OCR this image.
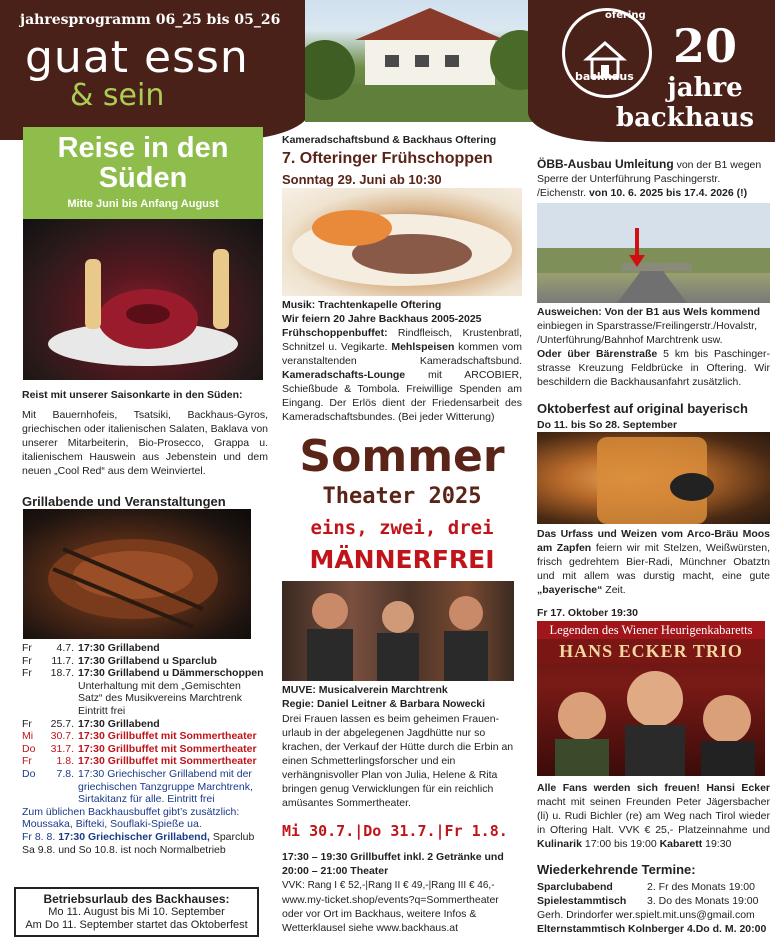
jahresprogramm 06_25 bis 05_26
guat essn
& sein
ofering
backhaus
20
jahre
backhaus
Reise in den Süden
Mitte Juni bis Anfang August
Reist mit unserer Saisonkarte in den Süden:
Mit Bauernhofeis, Tsatsiki, Backhaus-Gyros, griechischen oder italienischen Salaten, Baklava von unserer Mitarbeiterin, Bio-Prosecco, Grappa u. italienischem Hauswein aus Jebenstein und dem neuen „Cool Red“ aus dem Weinviertel.
Grillabende und Veranstaltungen
Fr	4.7. 17:30 Grillabend
Fr	11.7. 17:30 Grillabend u Sparclub
Fr	18.7. 17:30 Grillabend u Dämmerschoppen
Unterhaltung mit dem „Gemischten Satz“ des Musikvereins Marchtrenk
Eintritt frei
Fr	25.7. 17:30 Grillabend
Mi	30.7. 17:30 Grillbuffet mit Sommertheater
Do	31.7. 17:30 Grillbuffet mit Sommertheater
Fr	1.8. 17:30 Grillbuffet mit Sommertheater
Do	7.8. 17:30 Griechischer Grillabend mit der griechischen Tanzgruppe Marchtrenk, Sirtakitanz für alle. Eintritt frei
Zum üblichen Backhausbuffet gibt’s zusätzlich:
Moussaka, Bifteki, Souflaki-Spieße ua.
Fr 8. 8. 17:30 Griechischer Grillabend, Sparclub
Sa 9.8. und So 10.8. ist noch Normalbetrieb
Betriebsurlaub des Backhauses:
Mo 11. August bis Mi 10. September
Am Do 11. September startet das Oktoberfest
Kameradschaftsbund & Backhaus Oftering
7. Ofteringer Frühschoppen
Sonntag 29. Juni ab 10:30
Musik: Trachtenkapelle Oftering
Wir feiern 20 Jahre Backhaus 2005-2025
Frühschoppenbuffet: Rindfleisch, Krustenbratl, Schnitzel u. Vegikarte. Mehlspeisen kommen vom veranstaltenden Kameradschaftsbund. Kameradschafts-Lounge mit ARCOBIER, Schießbude & Tombola. Freiwillige Spenden am Eingang. Der Erlös dient der Friedensarbeit des Kameradschaftsbundes. (Bei jeder Witterung)
Sommer
Theater 2025
eins, zwei, drei
MÄNNERFREI
MUVE: Musicalverein Marchtrenk
Regie: Daniel Leitner & Barbara Nowecki
Drei Frauen lassen es beim geheimen Frauen-urlaub in der abgelegenen Jagdhütte nur so krachen, der Verkauf der Hütte durch die Erbin an einen Schmetterlingsforscher und ein verhängnisvoller Plan von Julia, Helene & Rita bringen genug Verwicklungen für ein reichlich amüsantes Sommertheater.
Mi 30.7.|Do 31.7.|Fr 1.8.
17:30 – 19:30 Grillbuffet inkl. 2 Getränke und
20:00 – 21:00 Theater
VVK: Rang I € 52,-|Rang II € 49,-|Rang III € 46,-
www.my-ticket.shop/events?q=Sommertheater
oder vor Ort im Backhaus, weitere Infos &
Wetterklausel siehe www.backhaus.at
ÖBB-Ausbau Umleitung von der B1 wegen Sperre der Unterführung Paschingerstr. /Eichenstr. von 10. 6. 2025 bis 17.4. 2026 (!)
Ausweichen: Von der B1 aus Wels kommend einbiegen in Sparstrasse/Freilingerstr./Hovalstr, /Unterführung/Bahnhof Marchtrenk usw.
Oder über Bärenstraße 5 km bis Paschinger-strasse Kreuzung Feldbrücke in Oftering. Wir beschildern die Backhausanfahrt zusätzlich.
Oktoberfest auf original bayerisch
Do 11. bis So 28. September
Das Urfass und Weizen vom Arco-Bräu Moos am Zapfen feiern wir mit Stelzen, Weißwürsten, frisch gedrehtem Bier-Radi, Münchner Obatztn und mit allem was durstig macht, eine gute „bayerische“ Zeit.
Fr 17. Oktober 19:30
Legenden des Wiener Heurigenkabaretts
HANS ECKER TRIO
Alle Fans werden sich freuen! Hansi Ecker macht mit seinen Freunden Peter Jägersbacher (li) u. Rudi Bichler (re) am Weg nach Tirol wieder in Oftering Halt. VVK € 25,- Platzeinnahme und Kulinarik 17:00 bis 19:00 Kabarett 19:30
Wiederkehrende Termine:
Sparclubabend	2. Fr des Monats 19:00
Spielestammtisch	3. Do des Monats 19:00
Gerh. Drindorfer wer.spielt.mit.uns@gmail.com
Elternstammtisch Kolnberger 4.Do d. M. 20:00
